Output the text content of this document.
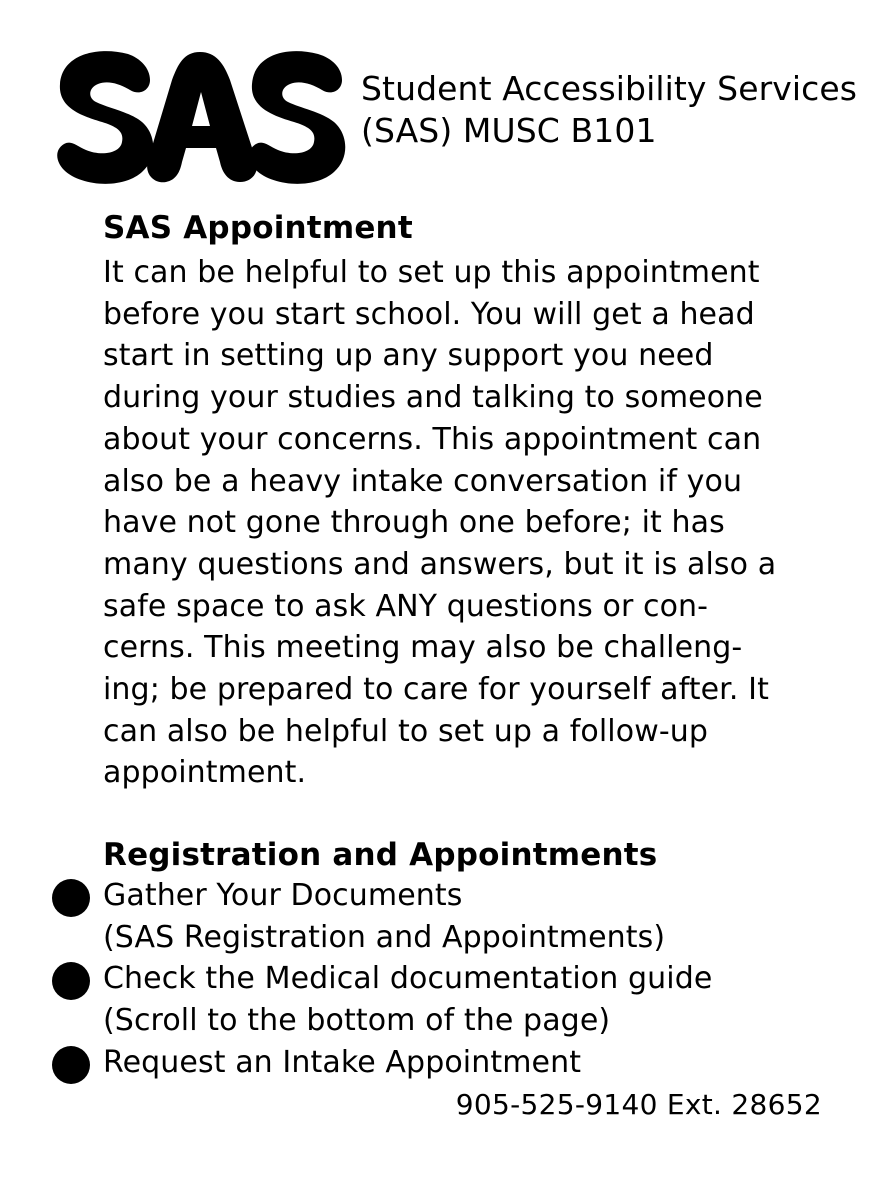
Student Accessibility Services
(SAS) MUSC B101
SAS Appointment
It can be helpful to set up this appointment
before you start school. You will get a head
start in setting up any support you need
during your studies and talking to someone
about your concerns. This appointment can
also be a heavy intake conversation if you
have not gone through one before; it has
many questions and answers, but it is also a
safe space to ask ANY questions or con-
cerns. This meeting may also be challeng-
ing; be prepared to care for yourself after. It
can also be helpful to set up a follow-up
appointment.
Registration and Appointments
Gather Your Documents
(SAS Registration and Appointments)
Check the Medical documentation guide
(Scroll to the bottom of the page)
Request an Intake Appointment
905-525-9140 Ext. 28652
